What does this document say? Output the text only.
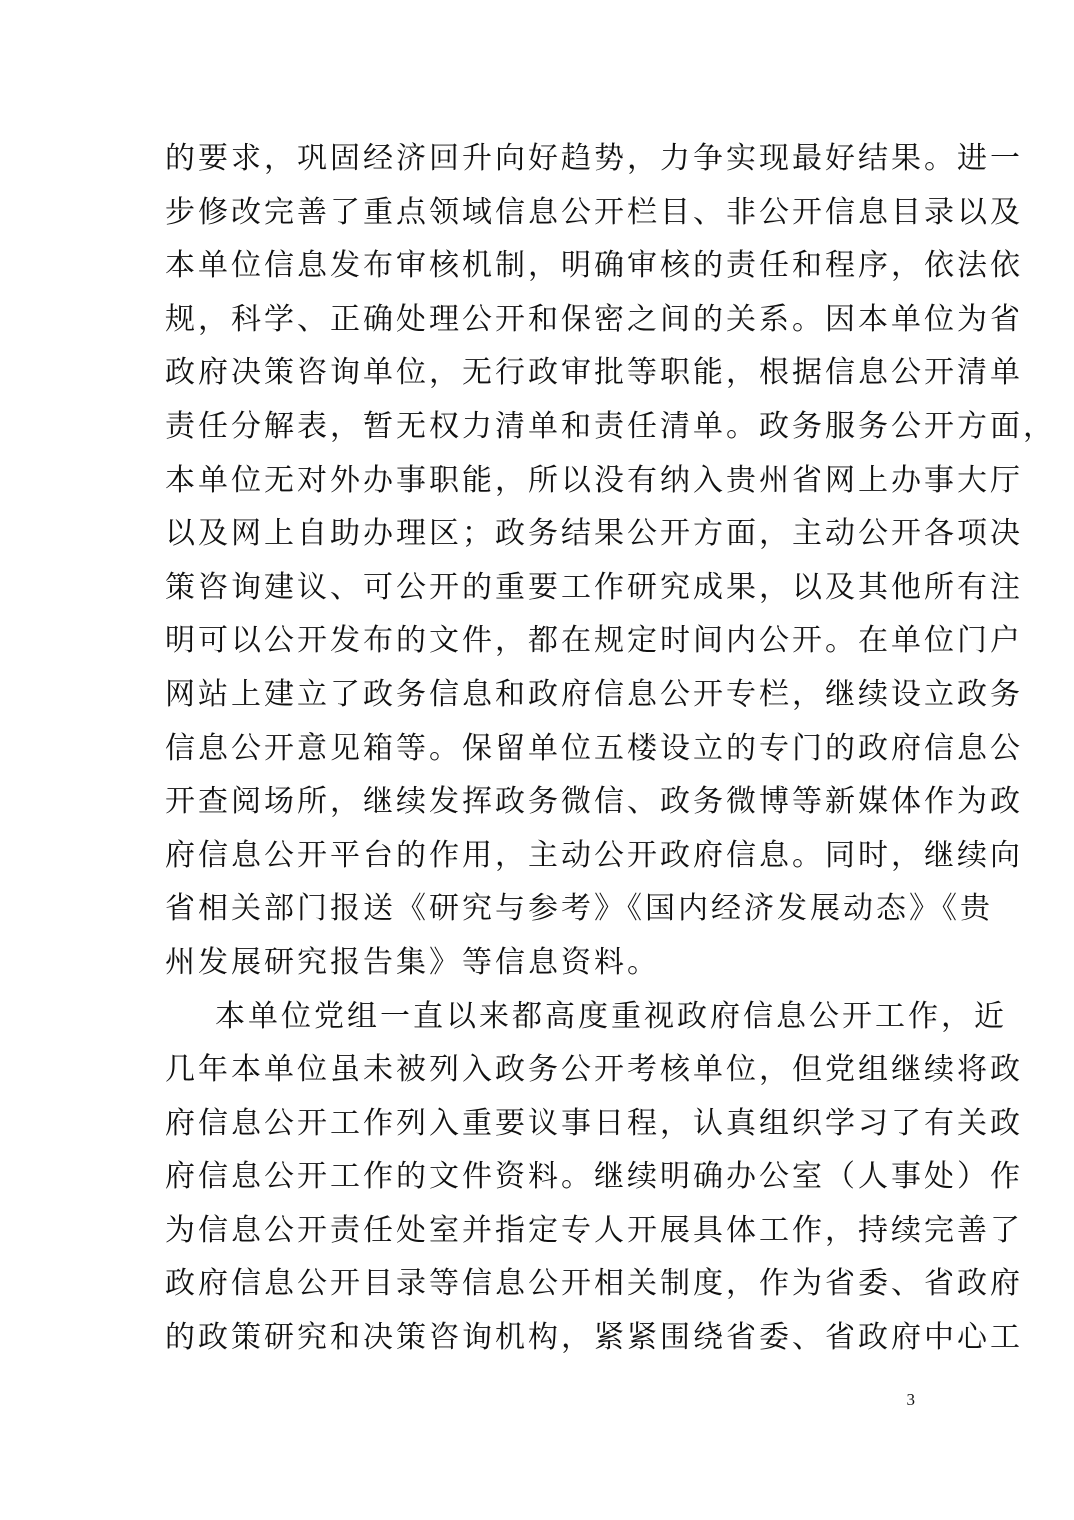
的要求，巩固经济回升向好趋势，力争实现最好结果。进一
步修改完善了重点领域信息公开栏目、非公开信息目录以及
本单位信息发布审核机制，明确审核的责任和程序，依法依
规，科学、正确处理公开和保密之间的关系。因本单位为省
政府决策咨询单位，无行政审批等职能，根据信息公开清单
责任分解表，暂无权力清单和责任清单。政务服务公开方面，
本单位无对外办事职能，所以没有纳入贵州省网上办事大厅
以及网上自助办理区；政务结果公开方面，主动公开各项决
策咨询建议、可公开的重要工作研究成果，以及其他所有注
明可以公开发布的文件，都在规定时间内公开。在单位门户
网站上建立了政务信息和政府信息公开专栏，继续设立政务
信息公开意见箱等。保留单位五楼设立的专门的政府信息公
开查阅场所，继续发挥政务微信、政务微博等新媒体作为政
府信息公开平台的作用，主动公开政府信息。同时，继续向
省相关部门报送《研究与参考》《国内经济发展动态》《贵
州发展研究报告集》等信息资料。
本单位党组一直以来都高度重视政府信息公开工作，近
几年本单位虽未被列入政务公开考核单位，但党组继续将政
府信息公开工作列入重要议事日程，认真组织学习了有关政
府信息公开工作的文件资料。继续明确办公室（人事处）作
为信息公开责任处室并指定专人开展具体工作，持续完善了
政府信息公开目录等信息公开相关制度，作为省委、省政府
的政策研究和决策咨询机构，紧紧围绕省委、省政府中心工
3
